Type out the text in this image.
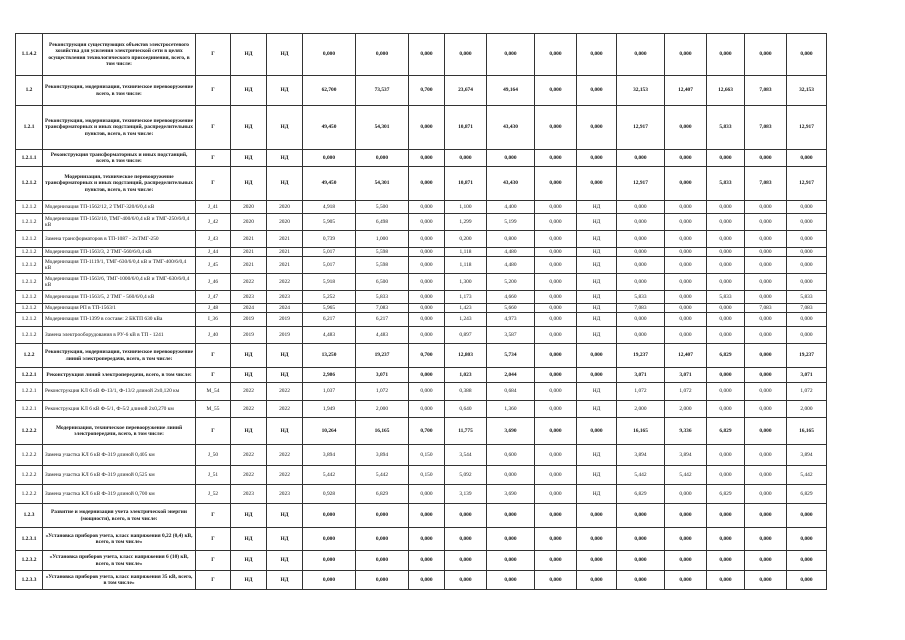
1.1.4.2	Реконструкция существующих объектов электросетевого хозяйства для усиления электрической сети в целях осуществления технологического присоединения, всего, в том числе:	Г	НД	НД	0,000	0,000	0,000	0,000	0,000	0,000	0,000	0,000	0,000	0,000	0,000	0,000
1.2	Реконструкция, модернизация, техническое перевооружение всего, в том числе:	Г	НД	НД	62,700	73,537	0,700	23,674	49,164	0,000	0,000	32,153	12,407	12,663	7,083	32,153
1.2.1	Реконструкция, модернизация, техническое перевооружение трансформаторных и иных подстанций, распределительных пунктов, всего, в том числе:	Г	НД	НД	49,450	54,301	0,000	10,871	43,430	0,000	0,000	12,917	0,000	5,833	7,083	12,917
1.2.1.1	Реконструкция трансформаторных и иных подстанций, всего, в том числе:	Г	НД	НД	0,000	0,000	0,000	0,000	0,000	0,000	0,000	0,000	0,000	0,000	0,000	0,000
1.2.1.2	Модернизация, техническое перевооружение трансформаторных и иных подстанций, распределительных пунктов, всего, в том числе:	Г	НД	НД	49,450	54,301	0,000	10,871	43,430	0,000	0,000	12,917	0,000	5,833	7,083	12,917
1.2.1.2	Модернизация ТП-1562/12, 2 ТМГ-320/6/0,4 кВ	J_41	2020	2020	4,918	5,500	0,000	1,100	4,400	0,000	НД	0,000	0,000	0,000	0,000	0,000
1.2.1.2	Модернизация ТП-1563/10, ТМГ-400/6/0,4 кВ и ТМГ-250/6/0,4 кВ	J_42	2020	2020	5,905	6,498	0,000	1,299	5,199	0,000	НД	0,000	0,000	0,000	0,000	0,000
1.2.1.2	Замена трансформаторов в ТП-1087 - 2хТМГ-250	J_43	2021	2021	0,739	1,000	0,000	0,200	0,800	0,000	НД	0,000	0,000	0,000	0,000	0,000
1.2.1.2	Модернизация ТП-1563/3, 2 ТМГ-560/6/0,4 кВ	J_44	2021	2021	5,017	5,598	0,000	1,118	4,480	0,000	НД	0,000	0,000	0,000	0,000	0,000
1.2.1.2	Модернизация ТП-1119/1, ТМГ-630/6/0,4 кВ и ТМГ-400/6/0,4 кВ	J_45	2021	2021	5,017	5,598	0,000	1,118	4,480	0,000	НД	0,000	0,000	0,000	0,000	0,000
1.2.1.2	Модернизация ТП-1563/6, ТМГ-1000/6/0,4 кВ и ТМГ-630/6/0,4 кВ	J_46	2022	2022	5,918	6,500	0,000	1,300	5,200	0,000	НД	0,000	0,000	0,000	0,000	0,000
1.2.1.2	Модернизация ТП-1563/5, 2 ТМГ - 560/6/0,4 кВ	J_47	2023	2023	5,252	5,833	0,000	1,173	4,660	0,000	НД	5,833	0,000	5,833	0,000	5,833
1.2.1.2	Модернизация РП в ТП-1563/1	J_48	2024	2024	5,965	7,083	0,000	1,423	5,660	0,000	НД	7,083	0,000	0,000	7,083	7,083
1.2.1.2	Модернизация ТП-1399 в составе: 2 БКТП 630 кВа	I_36	2019	2019	6,217	6,217	0,000	1,243	4,973	0,000	НД	0,000	0,000	0,000	0,000	0,000
1.2.1.2	Замена электрооборудования в РУ-6 кВ в ТП - 1241	J_40	2019	2019	4,483	4,483	0,000	0,897	3,587	0,000	НД	0,000	0,000	0,000	0,000	0,000
1.2.2	Реконструкция, модернизация, техническое перевооружение линий электропередачи, всего, в том числе:	Г	НД	НД	13,250	19,237	0,700	12,803	5,734	0,000	0,000	19,237	12,407	6,829	0,000	19,237
1.2.2.1	Реконструкция линий электропередачи, всего, в том числе:	Г	НД	НД	2,986	3,071	0,000	1,023	2,044	0,000	0,000	3,071	3,071	0,000	0,000	3,071
1.2.2.1	Реконструкция КЛ 6 кВ Ф-13/1, Ф-13/2 длиной 2х0,120 км	M_54	2022	2022	1,037	1,072	0,000	0,388	0,684	0,000	НД	1,072	1,072	0,000	0,000	1,072
1.2.2.1	Реконструкция КЛ 6 кВ Ф-5/1, Ф-5/2 длиной 2х0,270 км	M_55	2022	2022	1,949	2,000	0,000	0,640	1,360	0,000	НД	2,000	2,000	0,000	0,000	2,000
1.2.2.2	Модернизация, техническое перевооружение линий электропередачи, всего, в том числе:	Г	НД	НД	10,264	16,165	0,700	11,775	3,690	0,000	0,000	16,165	9,336	6,829	0,000	16,165
1.2.2.2	Замена участка КЛ 6 кВ Ф-319 длиной 0,405 км	J_50	2022	2022	3,894	3,894	0,150	3,544	0,600	0,000	НД	3,894	3,894	0,000	0,000	3,894
1.2.2.2	Замена участка КЛ 6 кВ Ф-319 длиной 0,525 км	J_51	2022	2022	5,442	5,442	0,150	5,092	0,000	0,000	НД	5,442	5,442	0,000	0,000	5,442
1.2.2.2	Замена участка КЛ 6 кВ Ф-319 длиной 0,700 км	J_52	2023	2023	0,928	6,829	0,000	3,139	3,690	0,000	НД	6,829	0,000	6,829	0,000	6,829
1.2.3	Развитие и модернизация учета электрической энергии (мощности), всего, в том числе:	Г	НД	НД	0,000	0,000	0,000	0,000	0,000	0,000	0,000	0,000	0,000	0,000	0,000	0,000
1.2.3.1	«Установка приборов учета, класс напряжения 0,22 (0,4) кВ, всего, в том числе»	Г	НД	НД	0,000	0,000	0,000	0,000	0,000	0,000	0,000	0,000	0,000	0,000	0,000	0,000
1.2.3.2	«Установка приборов учета, класс напряжения 6 (10) кВ, всего, в том числе»	Г	НД	НД	0,000	0,000	0,000	0,000	0,000	0,000	0,000	0,000	0,000	0,000	0,000	0,000
1.2.3.3	«Установка приборов учета, класс напряжения 35 кВ, всего, в том числе»	Г	НД	НД	0,000	0,000	0,000	0,000	0,000	0,000	0,000	0,000	0,000	0,000	0,000	0,000
